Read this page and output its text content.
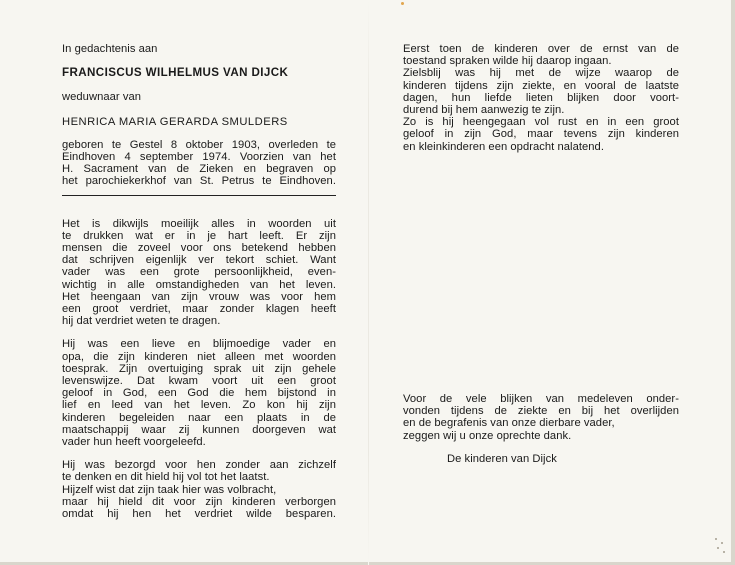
In gedachtenis aan
FRANCISCUS WILHELMUS VAN DIJCK
weduwnaar van
HENRICA MARIA GERARDA SMULDERS
geboren te Gestel 8 oktober 1903, overleden te
Eindhoven 4 september 1974. Voorzien van het
H. Sacrament van de Zieken en begraven op
het parochiekerkhof van St. Petrus te Eindhoven.
Het is dikwijls moeilijk alles in woorden uit
te drukken wat er in je hart leeft. Er zijn
mensen die zoveel voor ons betekend hebben
dat schrijven eigenlijk ver tekort schiet. Want
vader was een grote persoonlijkheid, even-
wichtig in alle omstandigheden van het leven.
Het heengaan van zijn vrouw was voor hem
een groot verdriet, maar zonder klagen heeft
hij dat verdriet weten te dragen.
Hij was een lieve en blijmoedige vader en
opa, die zijn kinderen niet alleen met woorden
toesprak. Zijn overtuiging sprak uit zijn gehele
levenswijze. Dat kwam voort uit een groot
geloof in God, een God die hem bijstond in
lief en leed van het leven. Zo kon hij zijn
kinderen begeleiden naar een plaats in de
maatschappij waar zij kunnen doorgeven wat
vader hun heeft voorgeleefd.
Hij was bezorgd voor hen zonder aan zichzelf
te denken en dit hield hij vol tot het laatst.
Hijzelf wist dat zijn taak hier was volbracht,
maar hij hield dit voor zijn kinderen verborgen
omdat hij hen het verdriet wilde besparen.
Eerst toen de kinderen over de ernst van de
toestand spraken wilde hij daarop ingaan.
Zielsblij was hij met de wijze waarop de
kinderen tijdens zijn ziekte, en vooral de laatste
dagen, hun liefde lieten blijken door voort-
durend bij hem aanwezig te zijn.
Zo is hij heengegaan vol rust en in een groot
geloof in zijn God, maar tevens zijn kinderen
en kleinkinderen een opdracht nalatend.
Voor de vele blijken van medeleven onder-
vonden tijdens de ziekte en bij het overlijden
en de begrafenis van onze dierbare vader,
zeggen wij u onze oprechte dank.
De kinderen van Dijck
